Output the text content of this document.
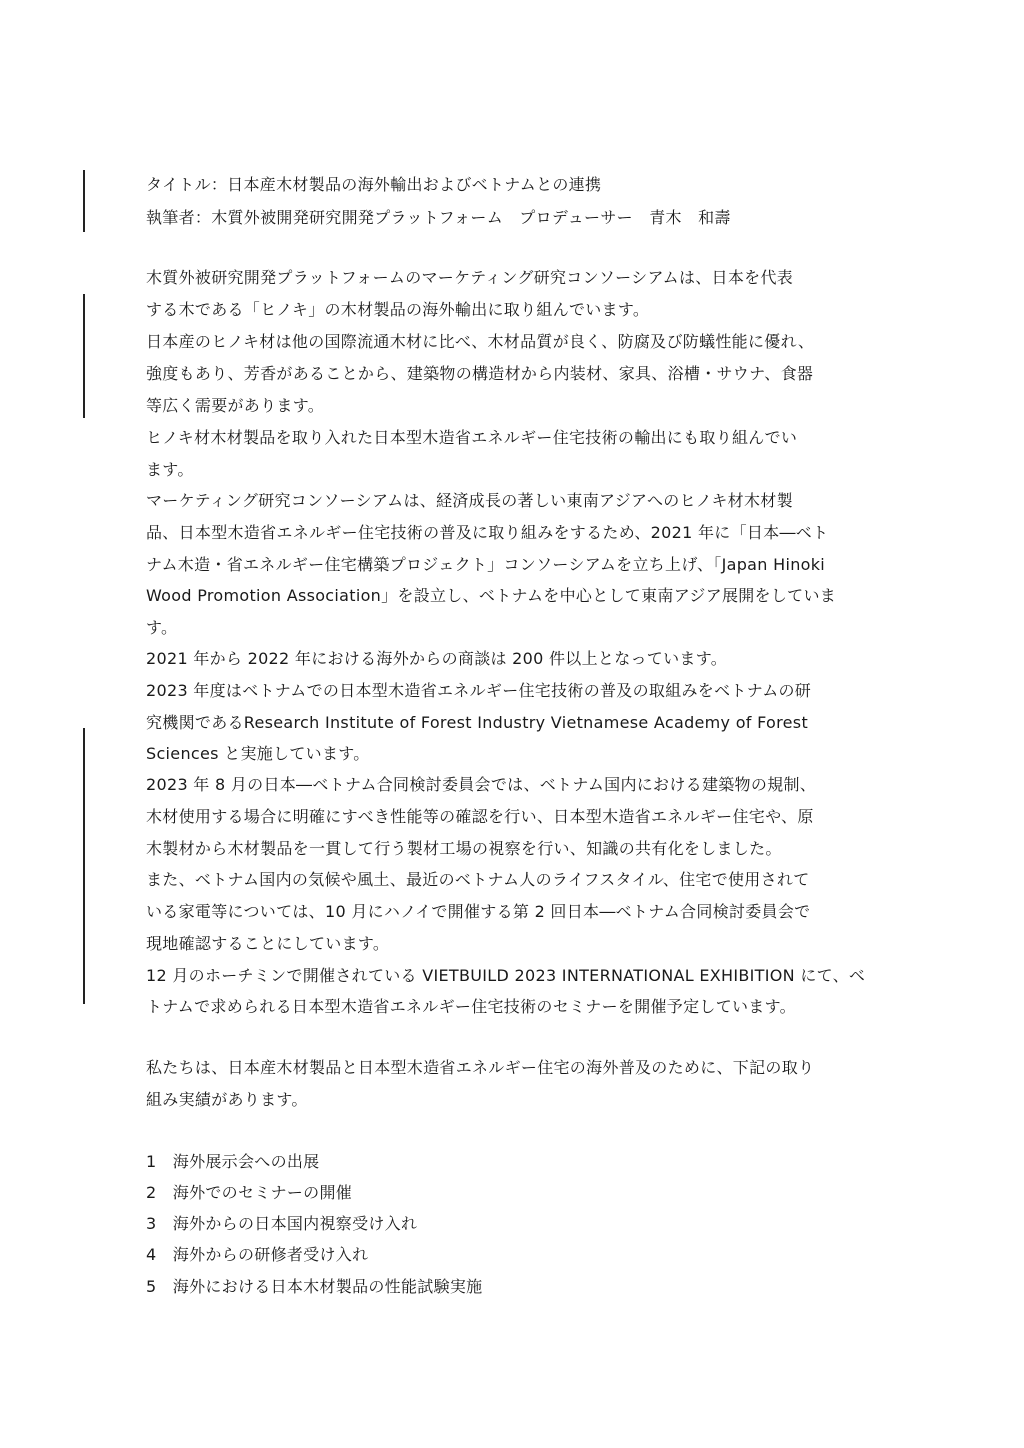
タイトル：日本産木材製品の海外輸出およびベトナムとの連携
執筆者：木質外被開発研究開発プラットフォーム　プロデューサー　青木　和壽
木質外被研究開発プラットフォームのマーケティング研究コンソーシアムは、日本を代表
する木である「ヒノキ」の木材製品の海外輸出に取り組んでいます。
日本産のヒノキ材は他の国際流通木材に比べ、木材品質が良く、防腐及び防蟻性能に優れ、
強度もあり、芳香があることから、建築物の構造材から内装材、家具、浴槽・サウナ、食器
等広く需要があります。
ヒノキ材木材製品を取り入れた日本型木造省エネルギー住宅技術の輸出にも取り組んでい
ます。
マーケティング研究コンソーシアムは、経済成長の著しい東南アジアへのヒノキ材木材製
品、日本型木造省エネルギー住宅技術の普及に取り組みをするため、2021 年に「日本―ベト
ナム木造・省エネルギー住宅構築プロジェクト」コンソーシアムを立ち上げ、「Japan Hinoki
Wood Promotion Association」を設立し、ベトナムを中心として東南アジア展開をしていま
す。
2021 年から 2022 年における海外からの商談は 200 件以上となっています。
2023 年度はベトナムでの日本型木造省エネルギー住宅技術の普及の取組みをベトナムの研
究機関であるResearch Institute of Forest Industry Vietnamese Academy of Forest
Sciences と実施しています。
2023 年 8 月の日本―ベトナム合同検討委員会では、ベトナム国内における建築物の規制、
木材使用する場合に明確にすべき性能等の確認を行い、日本型木造省エネルギー住宅や、原
木製材から木材製品を一貫して行う製材工場の視察を行い、知識の共有化をしました。
また、ベトナム国内の気候や風土、最近のベトナム人のライフスタイル、住宅で使用されて
いる家電等については、10 月にハノイで開催する第 2 回日本―ベトナム合同検討委員会で
現地確認することにしています。
12 月のホーチミンで開催されている VIETBUILD 2023 INTERNATIONAL EXHIBITION にて、ベ
トナムで求められる日本型木造省エネルギー住宅技術のセミナーを開催予定しています。
私たちは、日本産木材製品と日本型木造省エネルギー住宅の海外普及のために、下記の取り
組み実績があります。
1　海外展示会への出展
2　海外でのセミナーの開催
3　海外からの日本国内視察受け入れ
4　海外からの研修者受け入れ
5　海外における日本木材製品の性能試験実施
